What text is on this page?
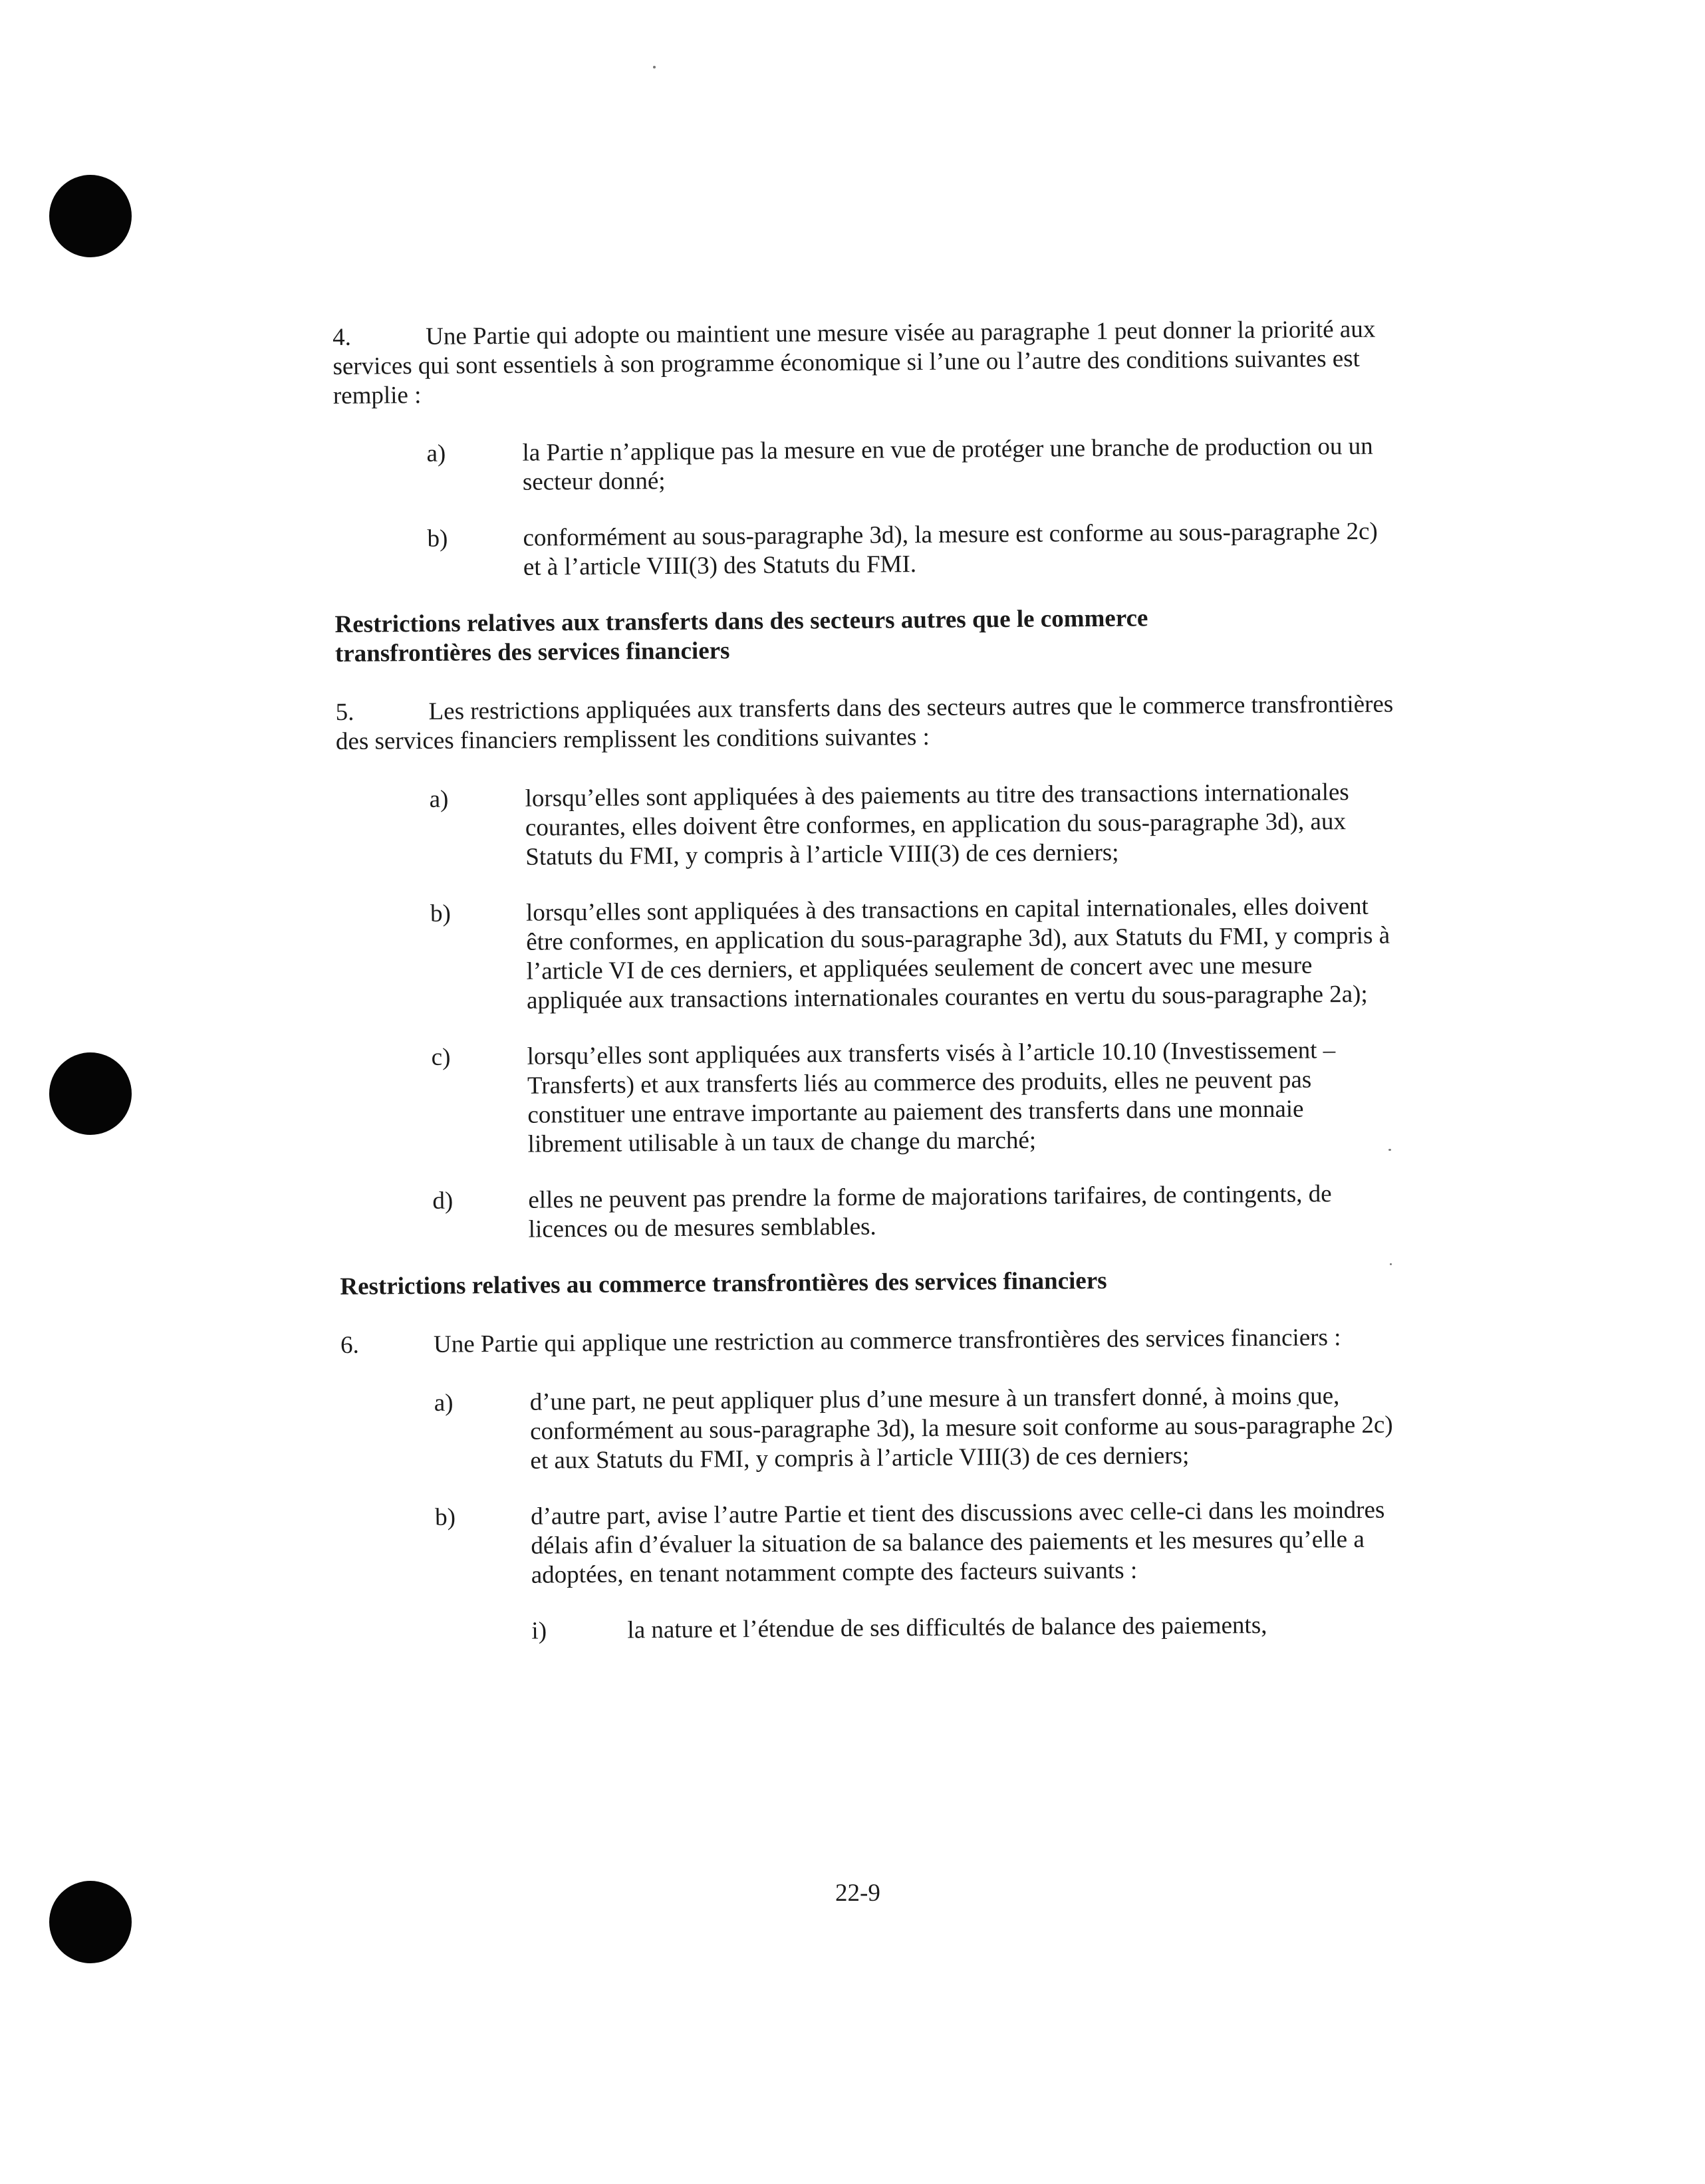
4.	Une Partie qui adopte ou maintient une mesure visée au paragraphe 1 peut donner la priorité aux services qui sont essentiels à son programme économique si l’une ou l’autre des conditions suivantes est remplie :

a)	la Partie n’applique pas la mesure en vue de protéger une branche de production ou un secteur donné;
b)	conformément au sous-paragraphe 3d), la mesure est conforme au sous-paragraphe 2c) et à l’article VIII(3) des Statuts du FMI.

Restrictions relatives aux transferts dans des secteurs autres que le commerce transfrontières des services financiers

5.	Les restrictions appliquées aux transferts dans des secteurs autres que le commerce transfrontières des services financiers remplissent les conditions suivantes :

a)	lorsqu’elles sont appliquées à des paiements au titre des transactions internationales courantes, elles doivent être conformes, en application du sous-paragraphe 3d), aux Statuts du FMI, y compris à l’article VIII(3) de ces derniers;
b)	lorsqu’elles sont appliquées à des transactions en capital internationales, elles doivent être conformes, en application du sous-paragraphe 3d), aux Statuts du FMI, y compris à l’article VI de ces derniers, et appliquées seulement de concert avec une mesure appliquée aux transactions internationales courantes en vertu du sous-paragraphe 2a);
c)	lorsqu’elles sont appliquées aux transferts visés à l’article 10.10 (Investissement – Transferts) et aux transferts liés au commerce des produits, elles ne peuvent pas constituer une entrave importante au paiement des transferts dans une monnaie librement utilisable à un taux de change du marché;
d)	elles ne peuvent pas prendre la forme de majorations tarifaires, de contingents, de licences ou de mesures semblables.

Restrictions relatives au commerce transfrontières des services financiers

6.	Une Partie qui applique une restriction au commerce transfrontières des services financiers :

a)	d’une part, ne peut appliquer plus d’une mesure à un transfert donné, à moins que, conformément au sous-paragraphe 3d), la mesure soit conforme au sous-paragraphe 2c) et aux Statuts du FMI, y compris à l’article VIII(3) de ces derniers;
b)	d’autre part, avise l’autre Partie et tient des discussions avec celle-ci dans les moindres délais afin d’évaluer la situation de sa balance des paiements et les mesures qu’elle a adoptées, en tenant notamment compte des facteurs suivants :
i)	la nature et l’étendue de ses difficultés de balance des paiements,
22-9
